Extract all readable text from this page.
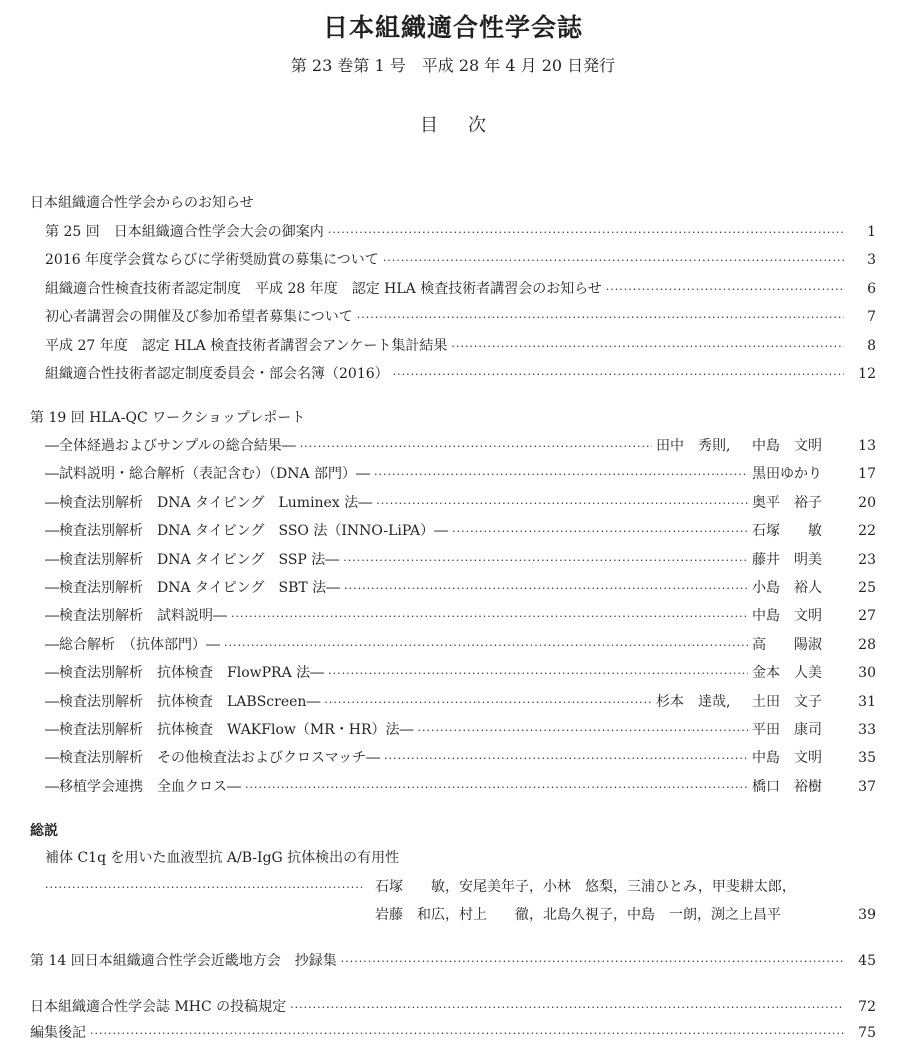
日本組織適合性学会誌
第 23 巻第 1 号　平成 28 年 4 月 20 日発行
目次
日本組織適合性学会からのお知らせ
第 25 回　日本組織適合性学会大会の御案内 ·····	1
2016 年度学会賞ならびに学術奨励賞の募集について ·····	3
組織適合性検査技術者認定制度　平成 28 年度　認定 HLA 検査技術者講習会のお知らせ ·····	6
初心者講習会の開催及び参加希望者募集について ·····	7
平成 27 年度　認定 HLA 検査技術者講習会アンケート集計結果 ·····	8
組織適合性技術者認定制度委員会・部会名簿（2016） ·····	12
第 19 回 HLA-QC ワークショップレポート
―全体経過およびサンプルの総合結果― ·····	田中　秀則,	中島　文明	13
―試料説明・総合解析（表記含む）（DNA 部門）― ·····	黒田ゆかり	17
―検査法別解析　DNA タイピング　Luminex 法― ·····	奥平　裕子	20
―検査法別解析　DNA タイピング　SSO 法（INNO-LiPA）― ·····	石塚　　敏	22
―検査法別解析　DNA タイピング　SSP 法― ·····	藤井　明美	23
―検査法別解析　DNA タイピング　SBT 法― ·····	小島　裕人	25
―検査法別解析　試料説明― ·····	中島　文明	27
―総合解析　（抗体部門）― ·····	高　　陽淑	28
―検査法別解析　抗体検査　FlowPRA 法― ·····	金本　人美	30
―検査法別解析　抗体検査　LABScreen― ·····	杉本　達哉,	土田　文子	31
―検査法別解析　抗体検査　WAKFlow（MR・HR）法― ·····	平田　康司	33
―検査法別解析　その他検査法およびクロスマッチ― ·····	中島　文明	35
―移植学会連携　全血クロス― ·····	橋口　裕樹	37
総説
補体 C1q を用いた血液型抗 A/B-IgG 抗体検出の有用性
·····
石塚　　敏，安尾美年子，小林　悠梨，三浦ひとみ，甲斐耕太郎，
岩藤　和広，村上　　徹，北島久視子，中島　一朗，渕之上昌平	39
第 14 回日本組織適合性学会近畿地方会　抄録集 ·····	45
日本組織適合性学会誌 MHC の投稿規定 ·····	72
編集後記 ·····	75
